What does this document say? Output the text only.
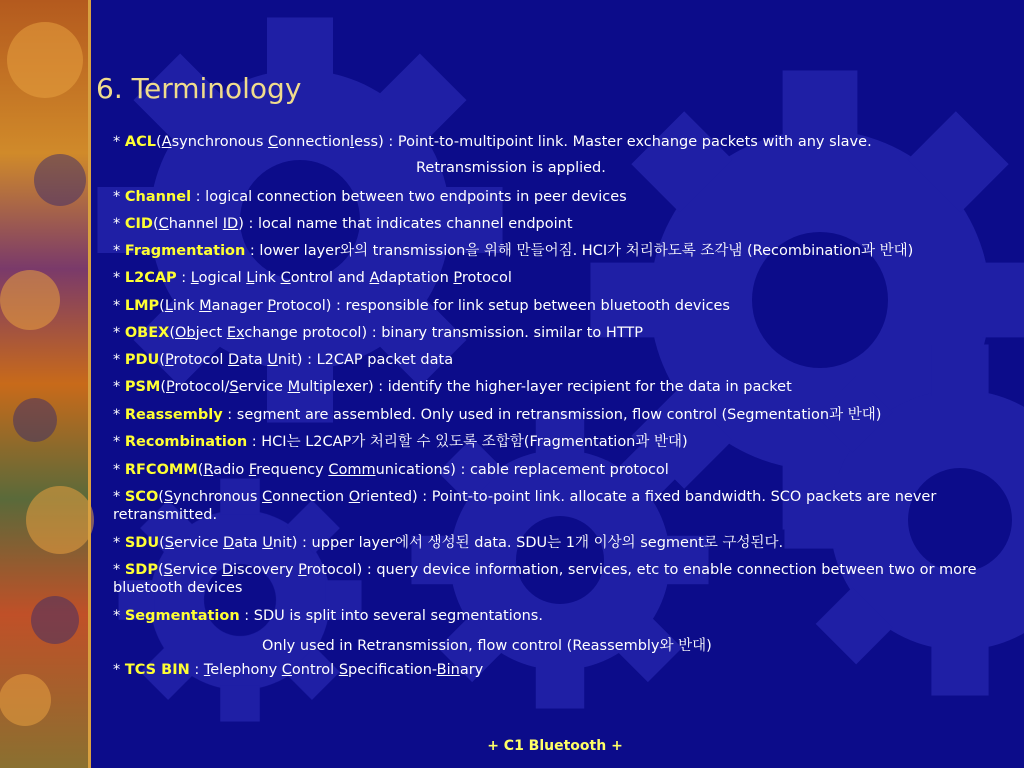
6. Terminology
* ACL(Asynchronous Connectionless) : Point-to-multipoint link. Master exchange packets with any slave.
* Channel : logical connection between two endpoints in peer devices
* CID(Channel ID) : local name that indicates channel endpoint
* Fragmentation : lower layer와의 transmission을 위해 만들어짐. HCI가 처리하도록 조각냄 (Recombination과 반대)
* L2CAP : Logical Link Control and Adaptation Protocol
* LMP(Link Manager Protocol) : responsible for link setup between bluetooth devices
* OBEX(Object Exchange protocol) : binary transmission. similar to HTTP
* PDU(Protocol Data Unit) : L2CAP packet data
* PSM(Protocol/Service Multiplexer) : identify the higher-layer recipient for the data in packet
* Reassembly : segment are assembled. Only used in retransmission, flow control (Segmentation과 반대)
* Recombination : HCI는 L2CAP가 처리할 수 있도록 조합함(Fragmentation과 반대)
* RFCOMM(Radio Frequency Communications) : cable replacement protocol
* SCO(Synchronous Connection Oriented) : Point-to-point link. allocate a fixed bandwidth. SCO packets are never retransmitted.
* SDU(Service Data Unit) : upper layer에서 생성된 data. SDU는 1개 이상의 segment로 구성된다.
* SDP(Service Discovery Protocol) : query device information, services, etc to enable connection between two or more bluetooth devices
* Segmentation : SDU is split into several segmentations.
* TCS BIN : Telephony Control Specification-Binary
Retransmission is applied.
Only used in Retransmission, flow control (Reassembly와 반대)
+ C1 Bluetooth +
